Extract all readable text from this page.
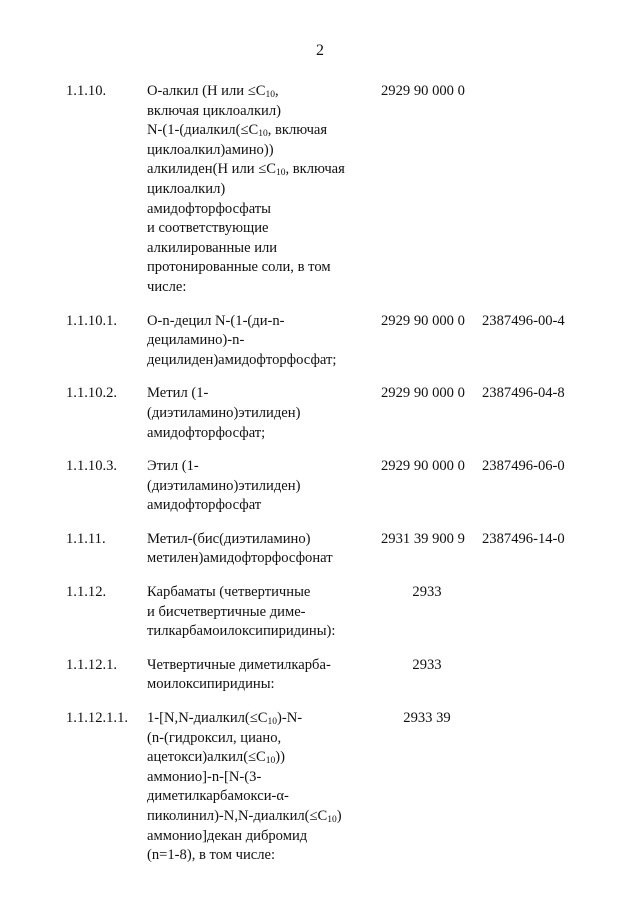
2
1.1.10.	О-алкил (Н или $\le C_{10}$,
включая циклоалкил)
$N-(1-(диалкил(\le C_{10}$, включая
циклоалкил)амино))
алкилиден(Н или $\le C_{10}$, включая
циклоалкил)
амидофторфосфаты
и соответствующие
алкилированные или
протонированные соли, в том
числе:
2929 90 000 0
1.1.10.1. О-n-децил N-(1-(ди-n-
дециламино)-n-
децилиден)амидофторфосфат;
2929 90 000 0 2387496-00-4
1.1.10.2. Метил (1-
(диэтиламино)этилиден)
амидофторфосфат;
2929 90 000 0 2387496-04-8
1.1.10.3. Этил (1-
(диэтиламино)этилиден)
амидофторфосфат
2929 90 000 0 2387496-06-0
1.1.11.	Метил-(бис(диэтиламино)
метилен)амидофторфосфонат
2931 39 900 9 2387496-14-0
1.1.12.	Карбаматы (четвертичные
и бисчетвертичные диме-
тилкарбамоилоксипиридины):
2933
1.1.12.1. Четвертичные диметилкарба-
моилоксипиридины:
2933
1.1.12.1.1. $1-[N,N-диалкил(\le C_{10})-N-$
(n-(гидроксил, циано,
$ацетокси)алкил(\le C_{10})$)
аммонио]-n-[N-(3-
диметилкарбамокси-α-
$пиколинил)-N,N-диалкил(\le C_{10})$
аммонио]декан дибромид
(n=1-8), в том числе:
2933 39
